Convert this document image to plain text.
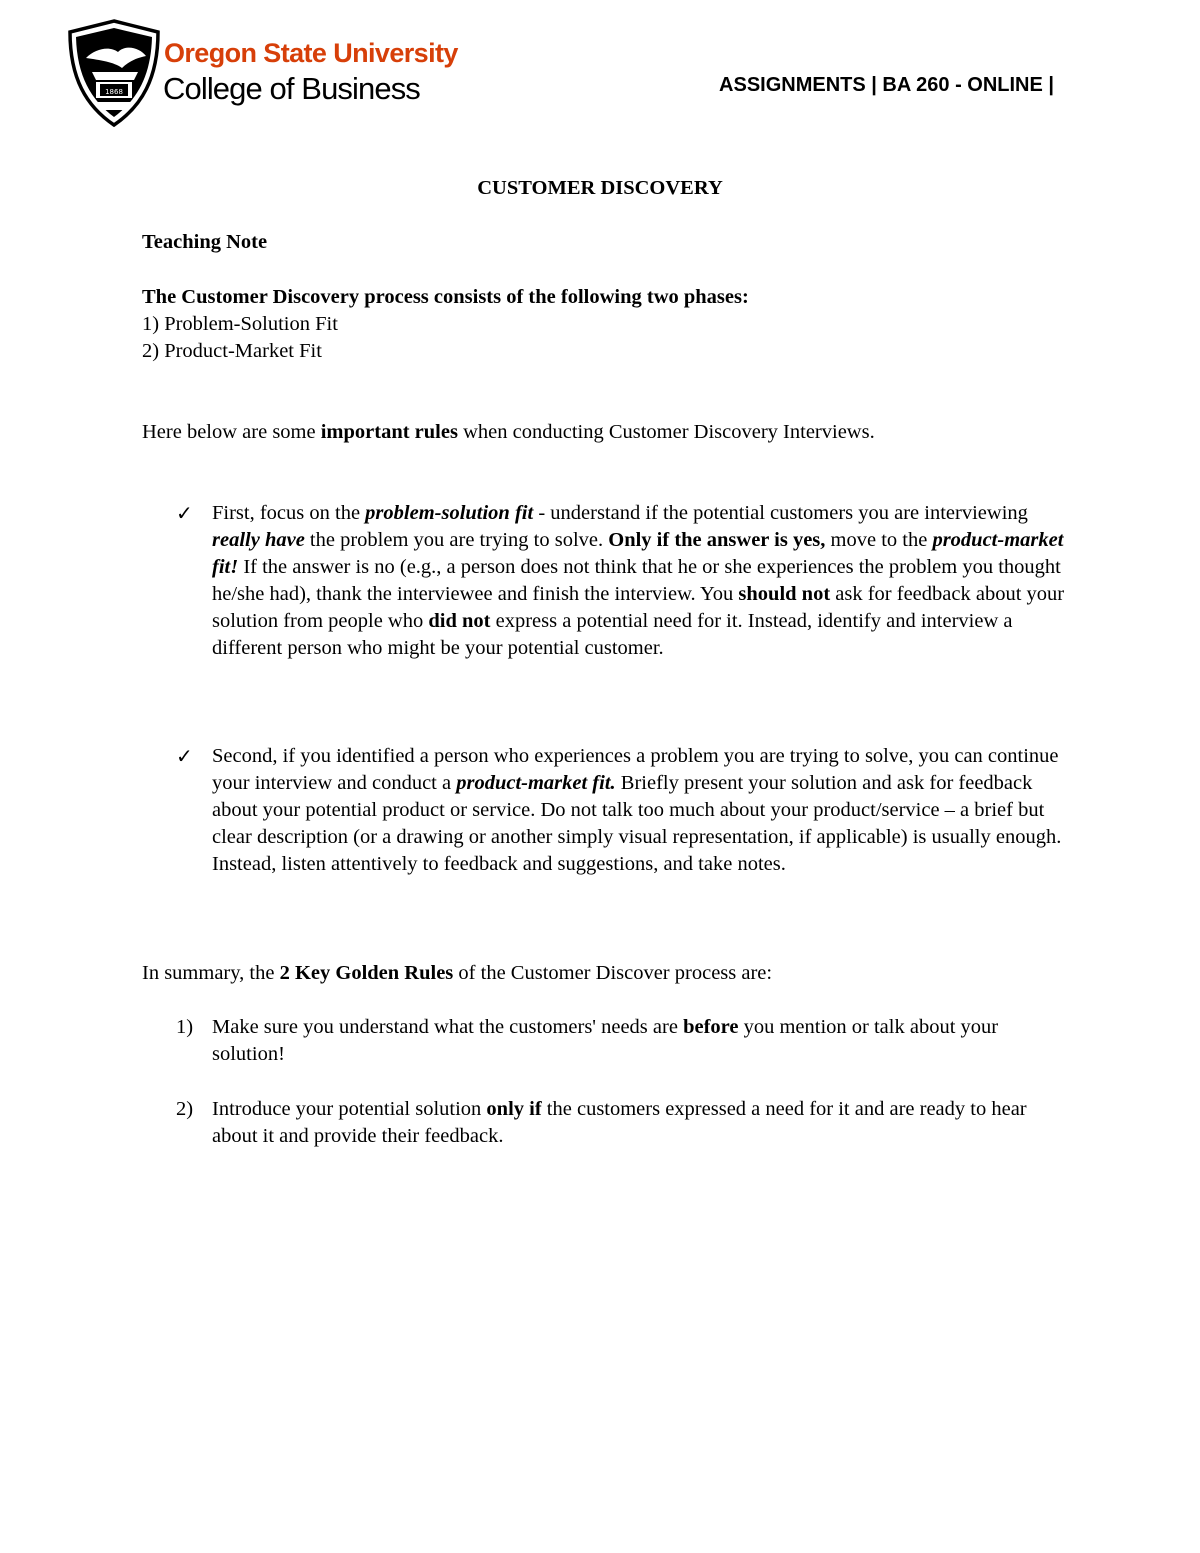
1868
Oregon State University
College of Business	ASSIGNMENTS | BA 260 - ONLINE |
CUSTOMER DISCOVERY
Teaching Note
The Customer Discovery process consists of the following two phases:
1) Problem-Solution Fit
2) Product-Market Fit
Here below are some important rules when conducting Customer Discovery Interviews.
✓ First, focus on the problem-solution fit - understand if the potential customers you are interviewing really have the problem you are trying to solve. Only if the answer is yes, move to the product-market fit! If the answer is no (e.g., a person does not think that he or she experiences the problem you thought he/she had), thank the interviewee and finish the interview. You should not ask for feedback about your solution from people who did not express a potential need for it. Instead, identify and interview a different person who might be your potential customer.
✓ Second, if you identified a person who experiences a problem you are trying to solve, you can continue your interview and conduct a product-market fit. Briefly present your solution and ask for feedback about your potential product or service. Do not talk too much about your product/service – a brief but clear description (or a drawing or another simply visual representation, if applicable) is usually enough. Instead, listen attentively to feedback and suggestions, and take notes.
In summary, the 2 Key Golden Rules of the Customer Discover process are:
1) Make sure you understand what the customers' needs are before you mention or talk about your solution!
2) Introduce your potential solution only if the customers expressed a need for it and are ready to hear about it and provide their feedback.
